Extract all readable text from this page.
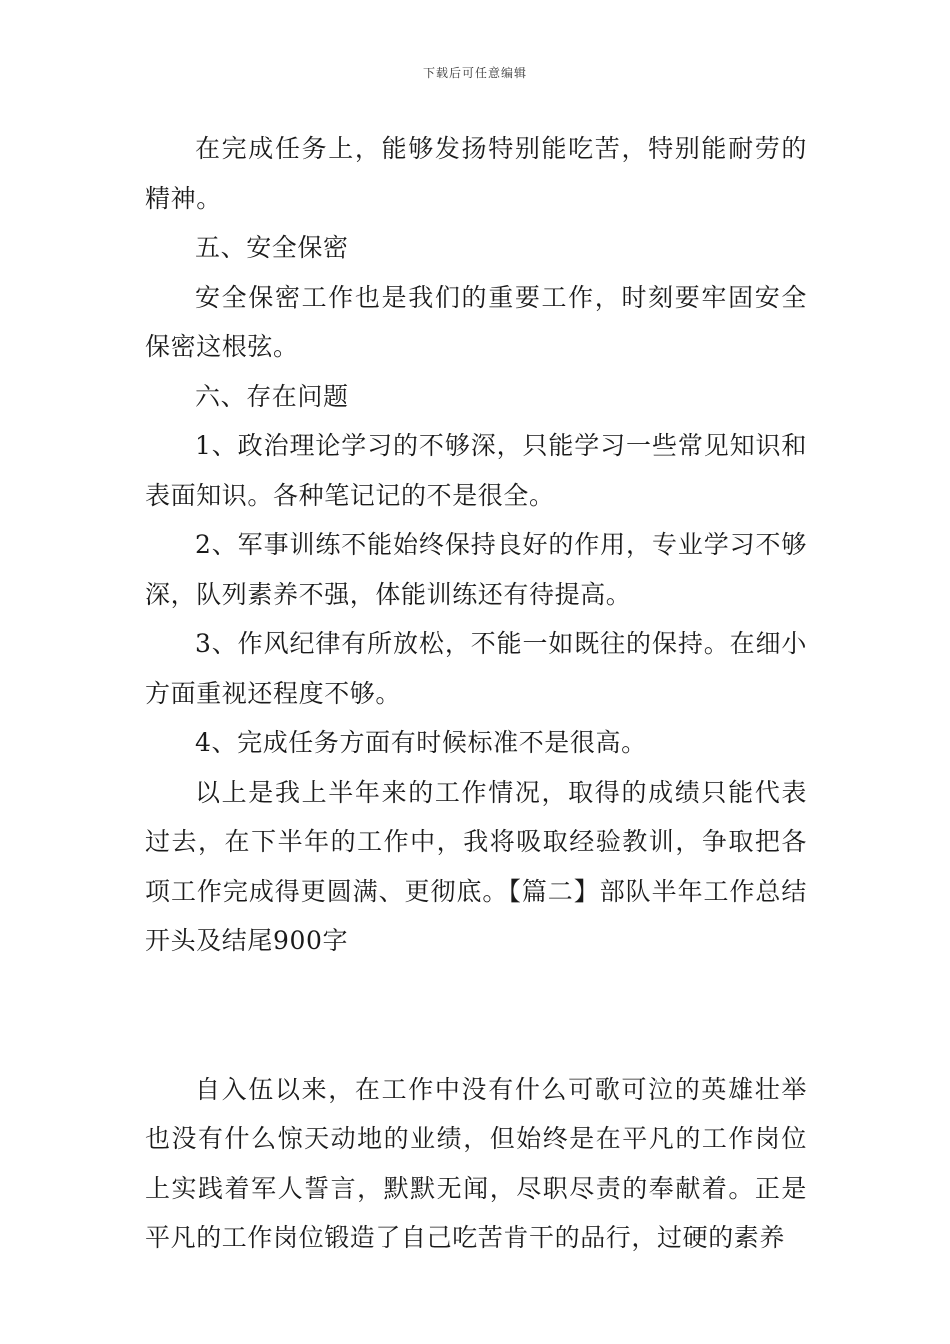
下载后可任意编辑

在完成任务上，能够发扬特别能吃苦，特别能耐劳的精神。

五、安全保密

安全保密工作也是我们的重要工作，时刻要牢固安全保密这根弦。

六、存在问题

1、政治理论学习的不够深，只能学习一些常见知识和表面知识。各种笔记记的不是很全。

2、军事训练不能始终保持良好的作用，专业学习不够深，队列素养不强，体能训练还有待提高。

3、作风纪律有所放松，不能一如既往的保持。在细小方面重视还程度不够。

4、完成任务方面有时候标准不是很高。

以上是我上半年来的工作情况，取得的成绩只能代表过去，在下半年的工作中，我将吸取经验教训，争取把各项工作完成得更圆满、更彻底。【篇二】部队半年工作总结开头及结尾900字

自入伍以来，在工作中没有什么可歌可泣的英雄壮举也没有什么惊天动地的业绩，但始终是在平凡的工作岗位上实践着军人誓言，默默无闻，尽职尽责的奉献着。正是平凡的工作岗位锻造了自己吃苦肯干的品行，过硬的素养
